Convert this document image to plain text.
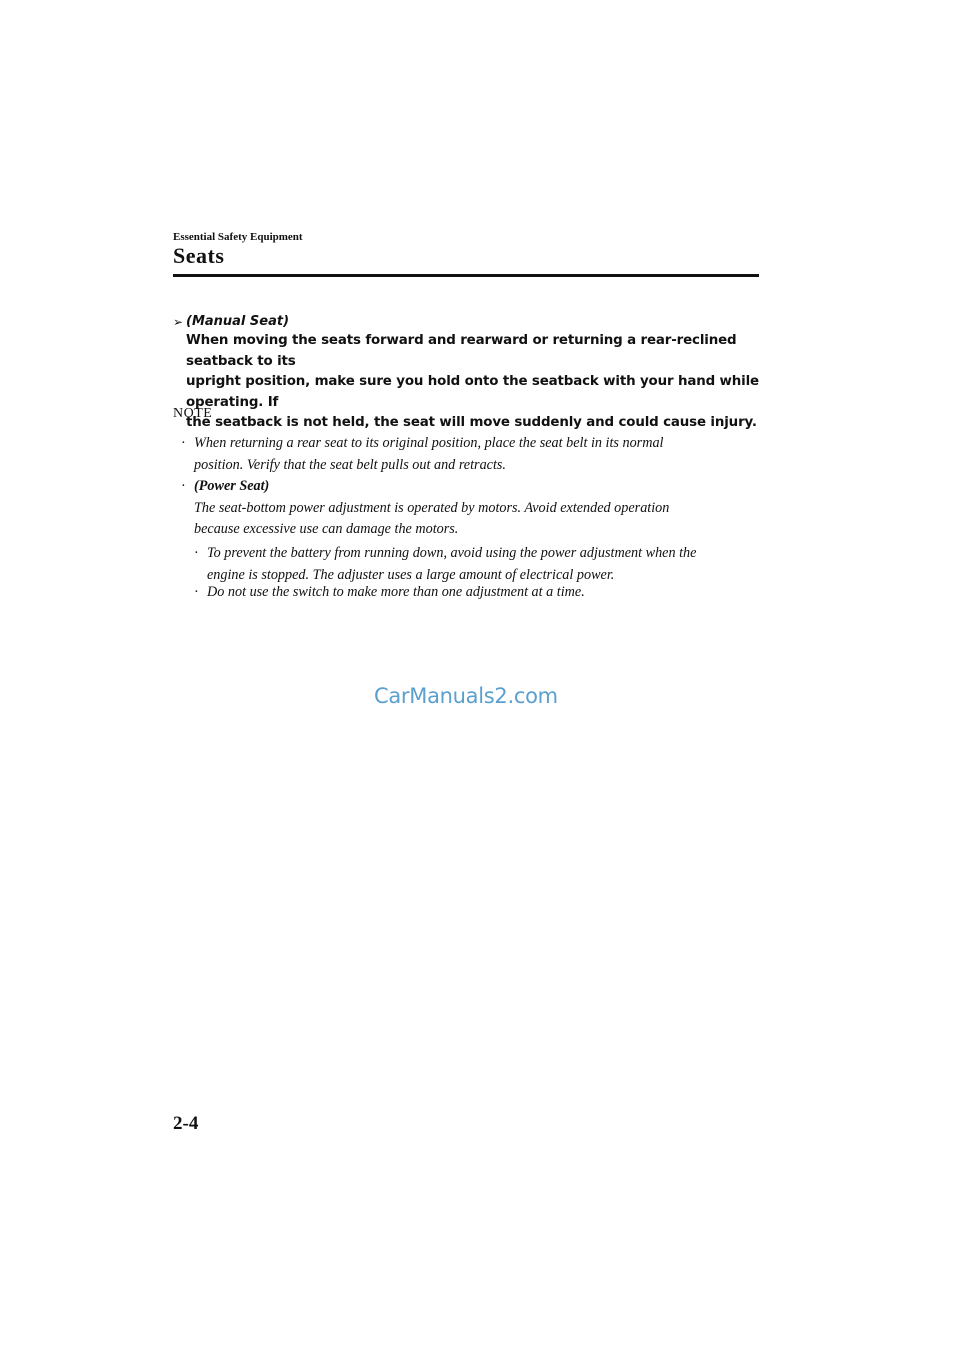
Essential Safety Equipment
Seats
➢ (Manual Seat)
When moving the seats forward and rearward or returning a rear-reclined seatback to its
upright position, make sure you hold onto the seatback with your hand while operating. If
the seatback is not held, the seat will move suddenly and could cause injury.
NOTE
· When returning a rear seat to its original position, place the seat belt in its normal
position. Verify that the seat belt pulls out and retracts.
· (Power Seat)
The seat-bottom power adjustment is operated by motors. Avoid extended operation
because excessive use can damage the motors.
· To prevent the battery from running down, avoid using the power adjustment when the
engine is stopped. The adjuster uses a large amount of electrical power.
· Do not use the switch to make more than one adjustment at a time.
CarManuals2.com
2-4
